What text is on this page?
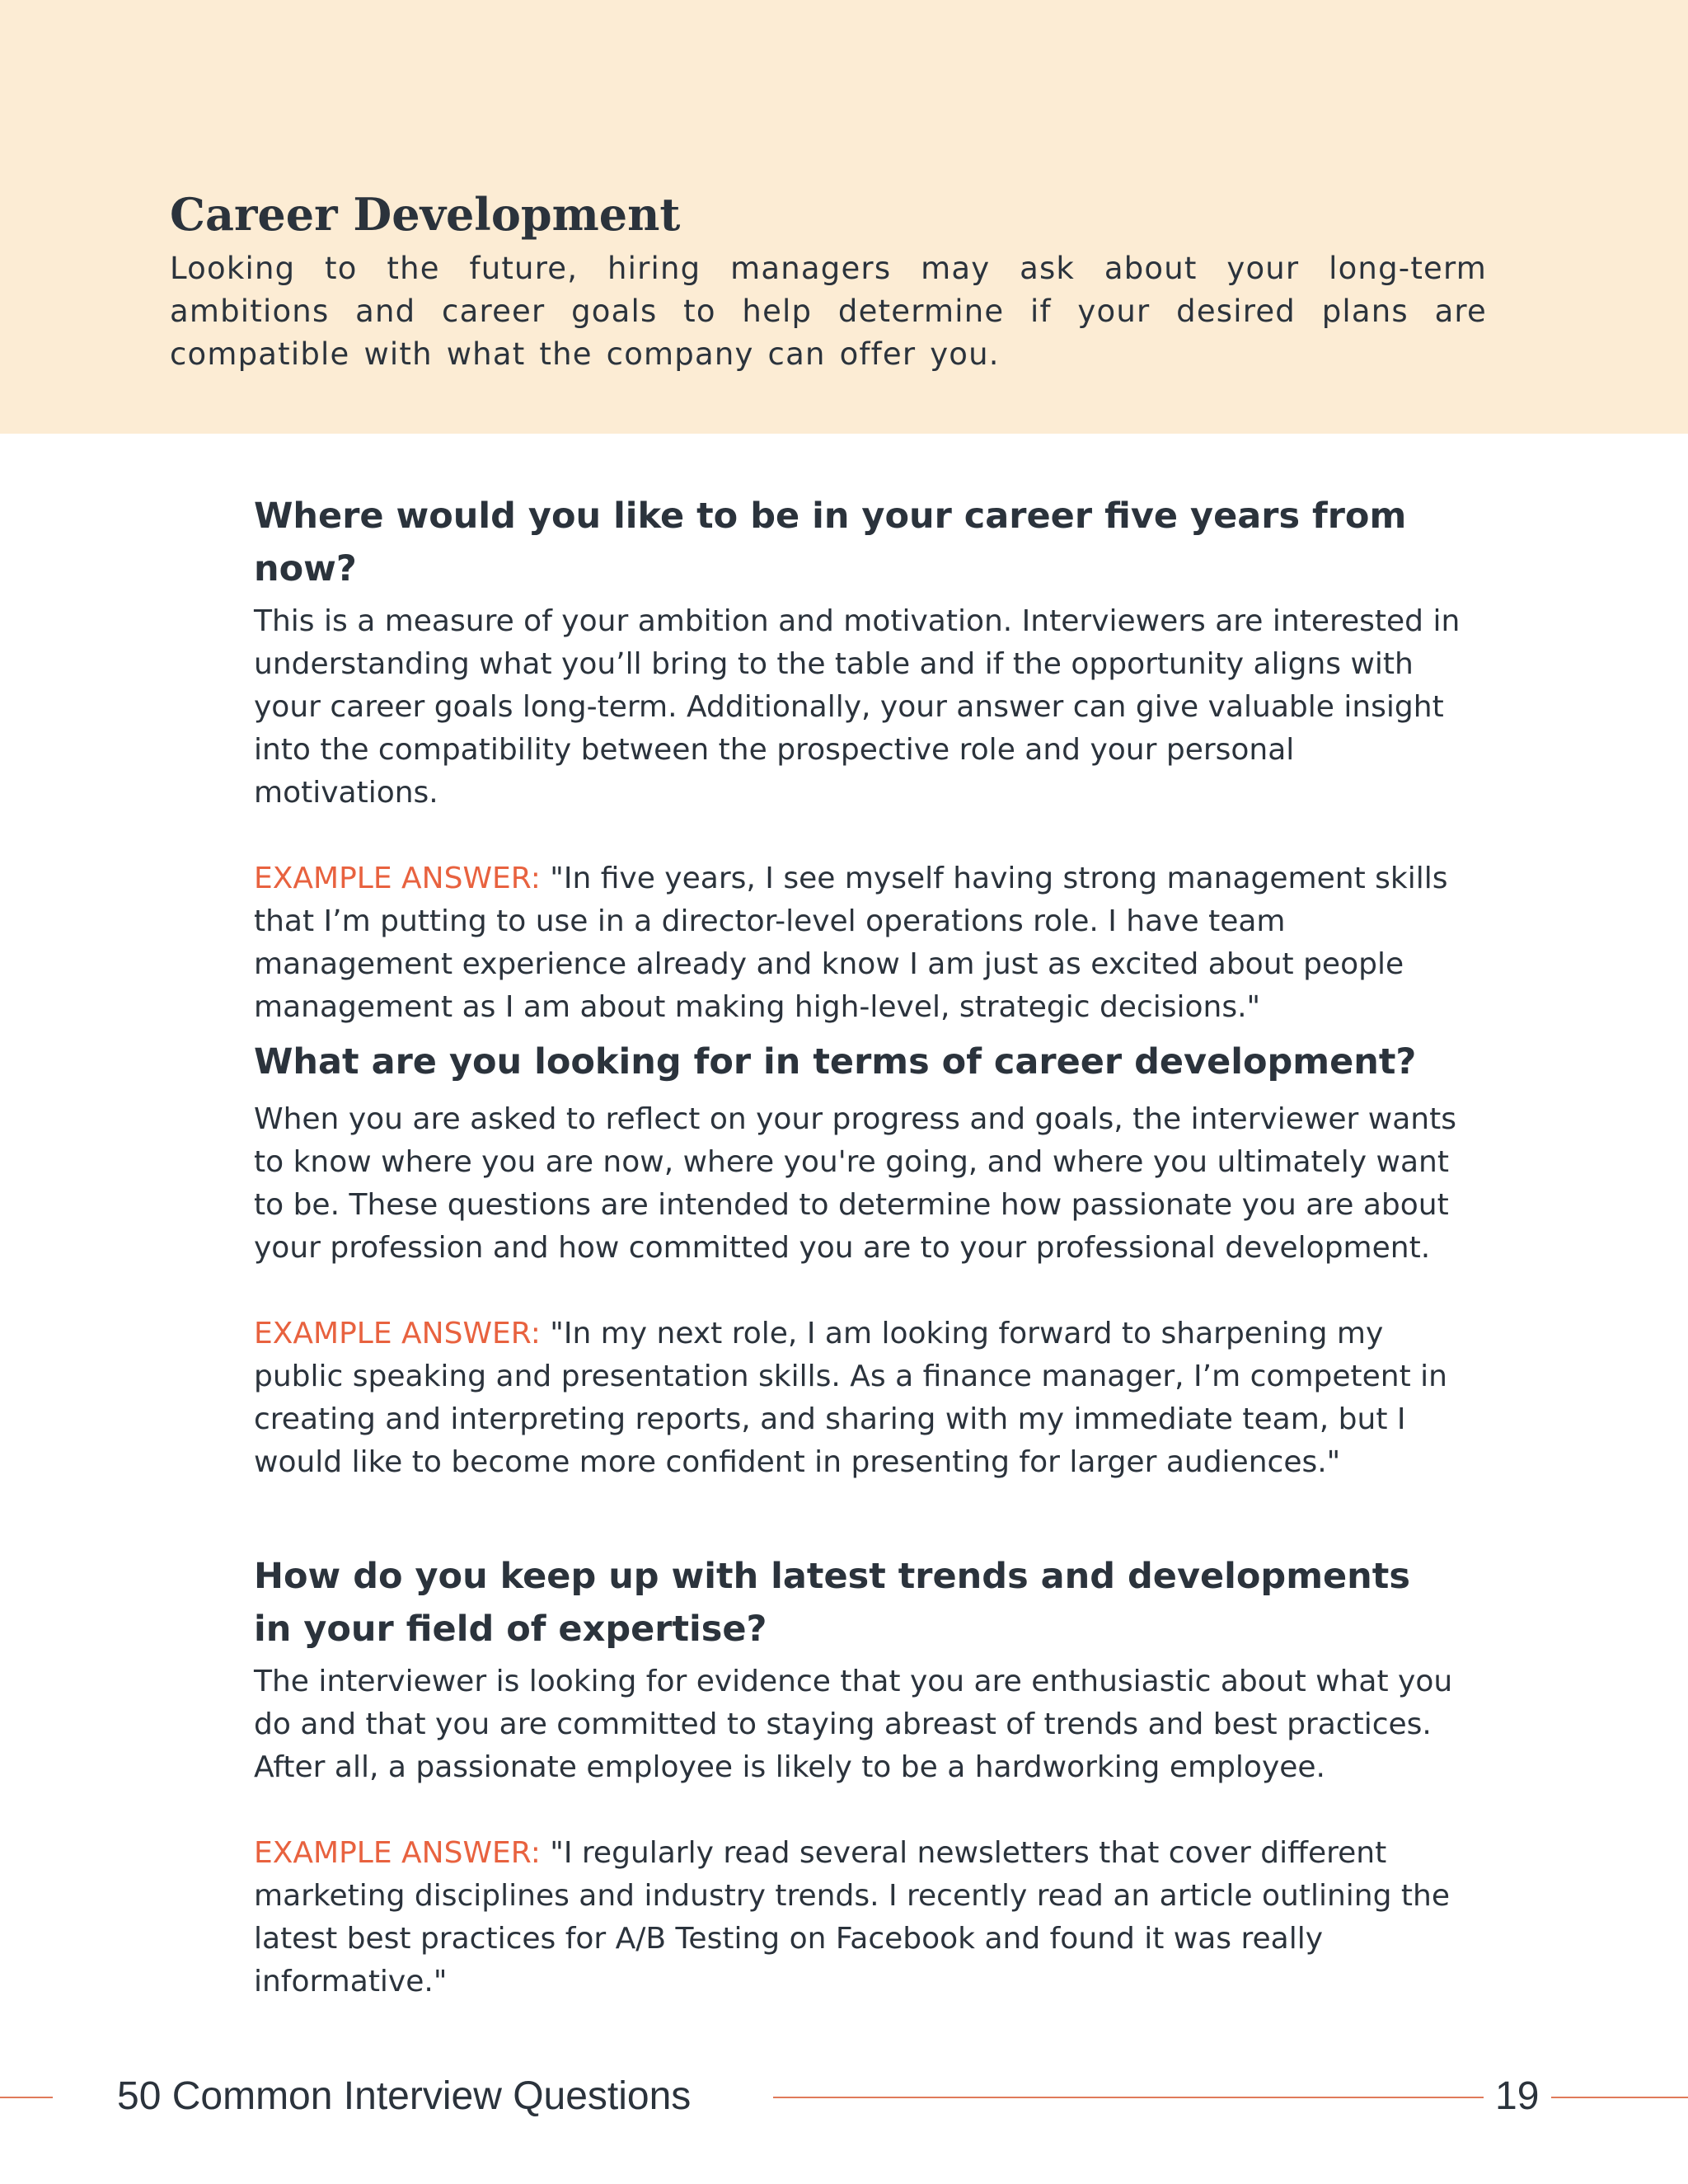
Career Development

Looking to the future, hiring managers may ask about your long-term ambitions and career goals to help determine if your desired plans are compatible with what the company can offer you.

Where would you like to be in your career five years from now?

This is a measure of your ambition and motivation. Interviewers are interested in understanding what you’ll bring to the table and if the opportunity aligns with your career goals long-term. Additionally, your answer can give valuable insight into the compatibility between the prospective role and your personal motivations.

EXAMPLE ANSWER: "In five years, I see myself having strong management skills that I’m putting to use in a director-level operations role. I have team management experience already and know I am just as excited about people management as I am about making high-level, strategic decisions."

What are you looking for in terms of career development?

When you are asked to reflect on your progress and goals, the interviewer wants to know where you are now, where you're going, and where you ultimately want to be. These questions are intended to determine how passionate you are about your profession and how committed you are to your professional development.

EXAMPLE ANSWER: "In my next role, I am looking forward to sharpening my public speaking and presentation skills. As a finance manager, I’m competent in creating and interpreting reports, and sharing with my immediate team, but I would like to become more confident in presenting for larger audiences."

How do you keep up with latest trends and developments
in your field of expertise?

The interviewer is looking for evidence that you are enthusiastic about what you do and that you are committed to staying abreast of trends and best practices. After all, a passionate employee is likely to be a hardworking employee.

EXAMPLE ANSWER: "I regularly read several newsletters that cover different marketing disciplines and industry trends. I recently read an article outlining the latest best practices for A/B Testing on Facebook and found it was really informative."

50 Common Interview Questions	19
